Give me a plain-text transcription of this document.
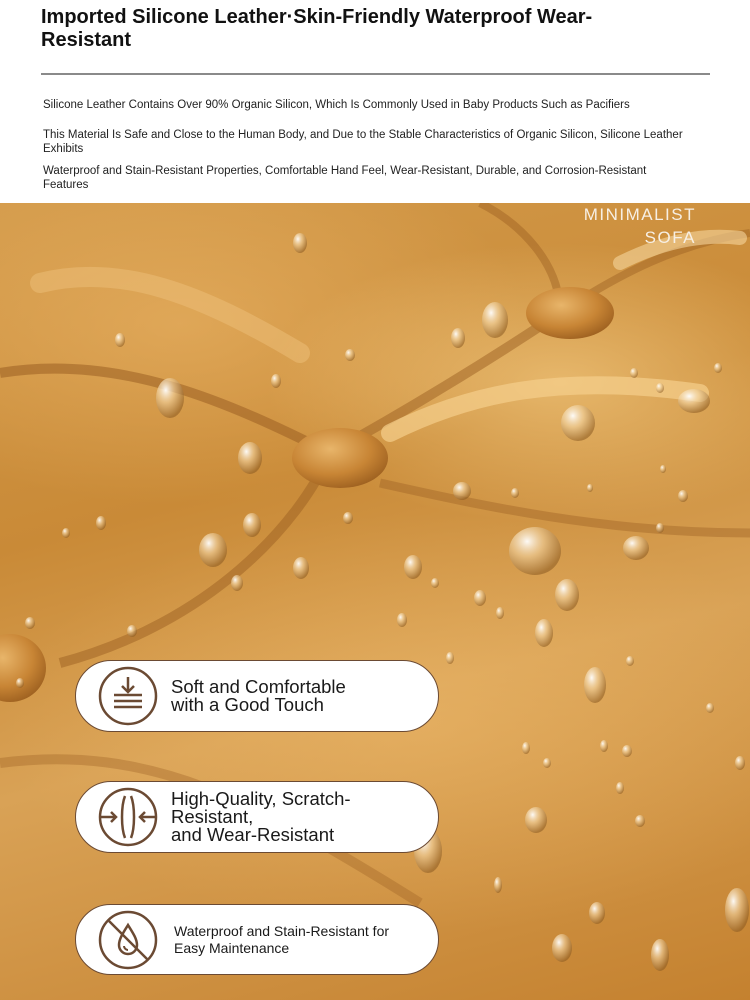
Imported Silicone Leather·Skin-Friendly Waterproof Wear-Resistant

Silicone Leather Contains Over 90% Organic Silicon, Which Is Commonly Used in Baby Products Such as Pacifiers

This Material Is Safe and Close to the Human Body, and Due to the Stable Characteristics of Organic Silicon, Silicone Leather Exhibits

Waterproof and Stain-Resistant Properties, Comfortable Hand Feel, Wear-Resistant, Durable, and Corrosion-Resistant Features

MINIMALIST
SOFA
Soft and Comfortable
with a Good Touch
High-Quality, Scratch-Resistant,
and Wear-Resistant
Waterproof and Stain-Resistant for
Easy Maintenance
